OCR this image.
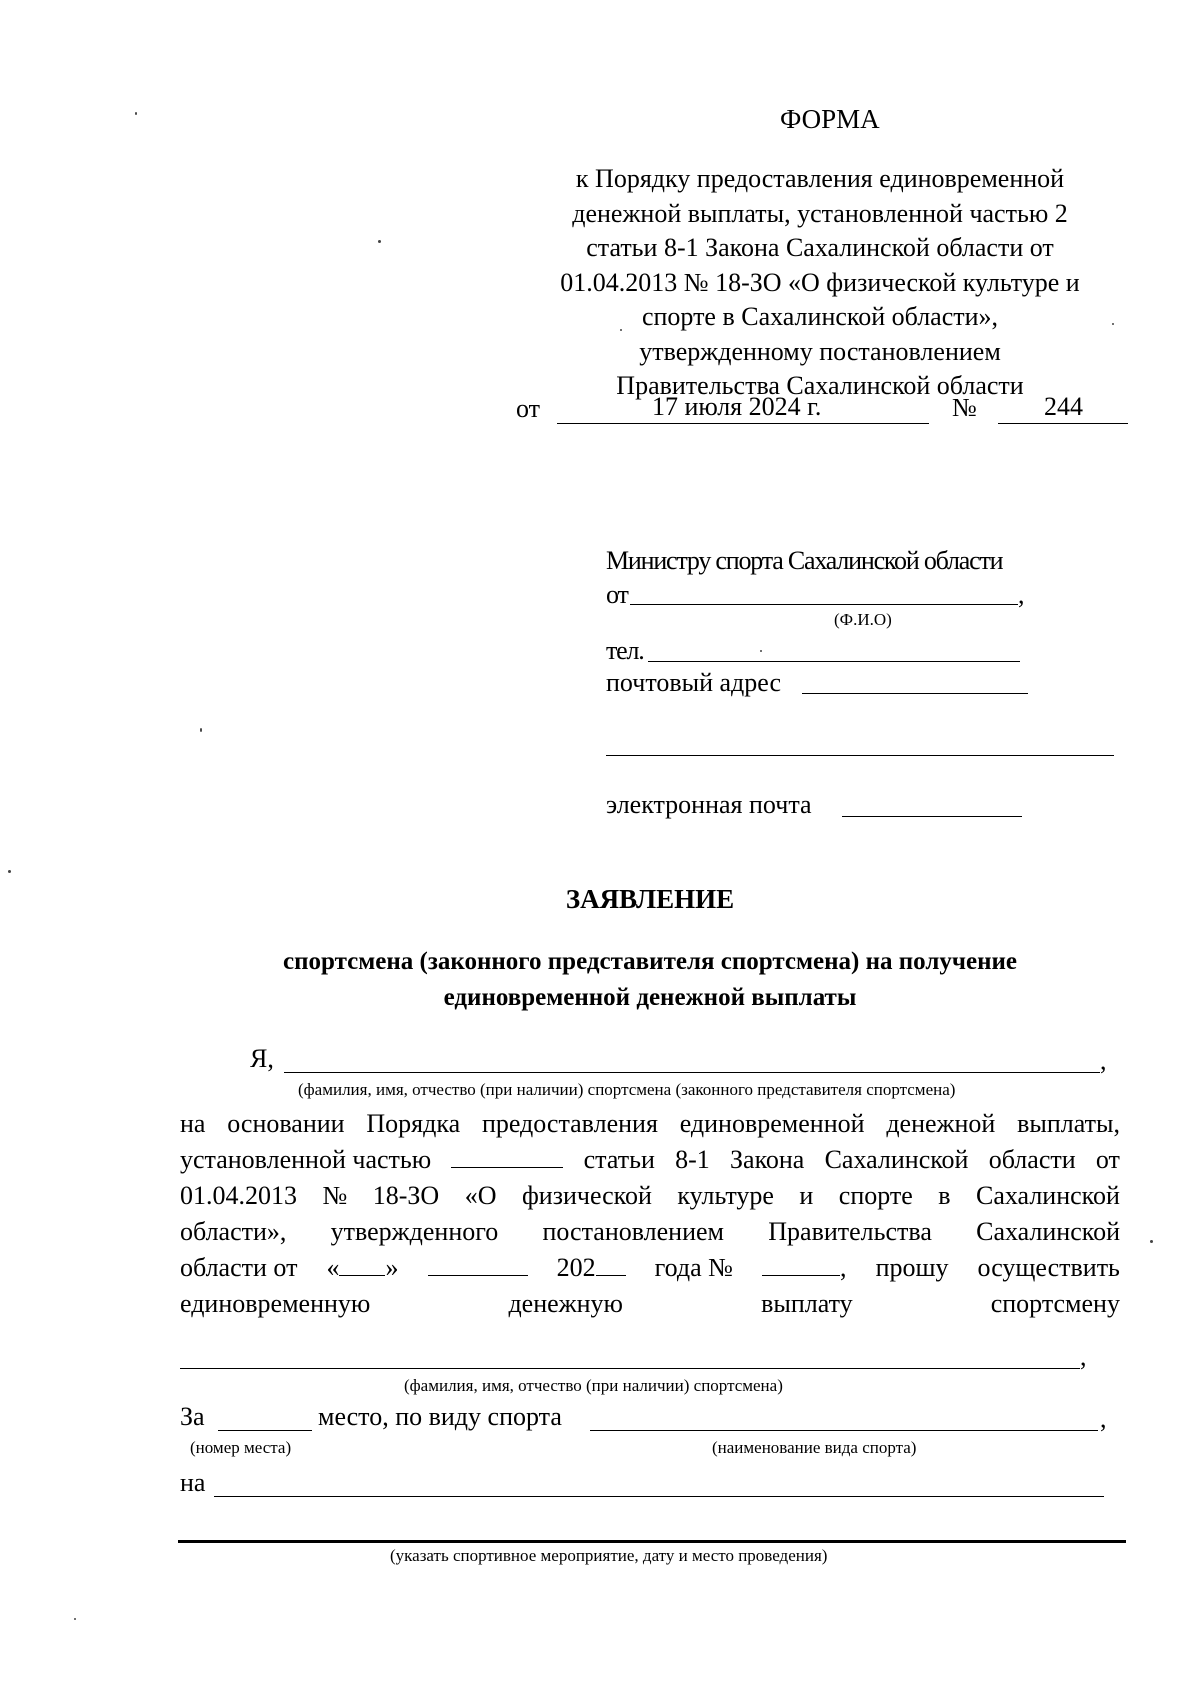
ФОРМА
к Порядку предоставления единовременной
денежной выплаты, установленной частью 2
статьи 8-1 Закона Сахалинской области от
01.04.2013 № 18-ЗО «О физической культуре и
спорте в Сахалинской области»,
утвержденному постановлением
Правительства Сахалинской области
от	17 июля 2024 г.	№	244
Министру спорта Сахалинской области
от	,
(Ф.И.О)
тел.
почтовый адрес
электронная почта
ЗАЯВЛЕНИЕ
спортсмена (законного представителя спортсмена) на получение
единовременной денежной выплаты
Я,	,
(фамилия, имя, отчество (при наличии) спортсмена (законного представителя спортсмена)
на основании Порядка предоставления единовременной денежной выплаты,
установленной частью	статьи 8-1 Закона Сахалинской области от
01.04.2013 № 18-ЗО «О физической культуре и спорте в Сахалинской
области», утвержденного постановлением Правительства Сахалинской
области от « »	202	года №	, прошу осуществить
единовременную	денежную	выплату	спортсмену
,
(фамилия, имя, отчество (при наличии) спортсмена)
За	место, по виду спорта	,
(номер места)	(наименование вида спорта)
на
(указать спортивное мероприятие, дату и место проведения)
